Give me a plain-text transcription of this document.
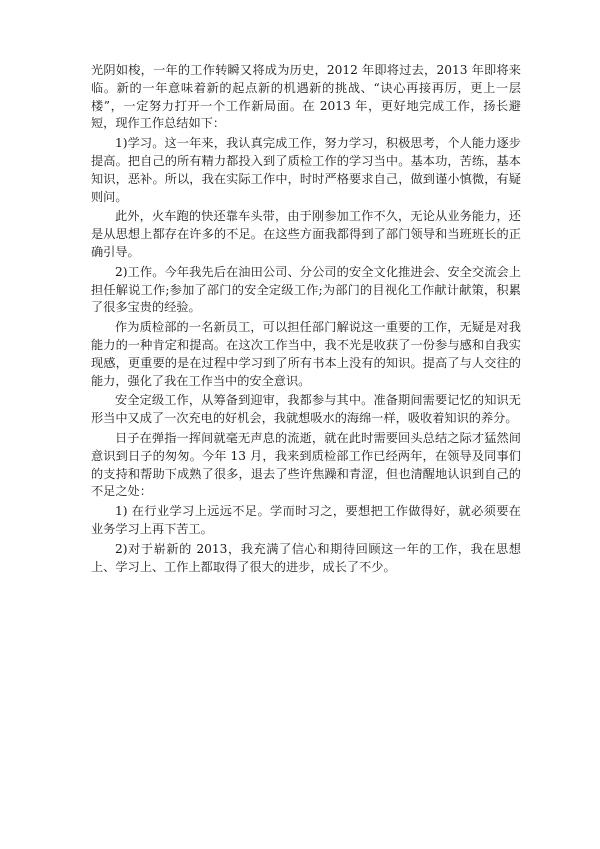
光阴如梭，一年的工作转瞬又将成为历史，2012 年即将过去，2013 年即将来临。新的一年意味着新的起点新的机遇新的挑战、“诀心再接再厉，更上一层楼”，一定努力打开一个工作新局面。在 2013 年，更好地完成工作，扬长避短，现作工作总结如下：

1)学习。这一年来，我认真完成工作，努力学习，积极思考，个人能力逐步提高。把自己的所有精力都投入到了质检工作的学习当中。基本功，苦练，基本知识，恶补。所以，我在实际工作中，时时严格要求自己，做到谨小慎微，有疑则问。

此外，火车跑的快还靠车头带，由于刚参加工作不久，无论从业务能力，还是从思想上都存在许多的不足。在这些方面我都得到了部门领导和当班班长的正确引导。

2)工作。今年我先后在油田公司、分公司的安全文化推进会、安全交流会上担任解说工作;参加了部门的安全定级工作;为部门的目视化工作献计献策，积累了很多宝贵的经验。

作为质检部的一名新员工，可以担任部门解说这一重要的工作，无疑是对我能力的一种肯定和提高。在这次工作当中，我不光是收获了一份参与感和自我实现感，更重要的是在过程中学习到了所有书本上没有的知识。提高了与人交往的能力，强化了我在工作当中的安全意识。

安全定级工作，从筹备到迎审，我都参与其中。准备期间需要记忆的知识无形当中又成了一次充电的好机会，我就想吸水的海绵一样，吸收着知识的养分。

日子在弹指一挥间就毫无声息的流逝，就在此时需要回头总结之际才猛然间意识到日子的匆匆。今年 13 月，我来到质检部工作已经两年，在领导及同事们的支持和帮助下成熟了很多，退去了些许焦躁和青涩，但也清醒地认识到自己的不足之处：

1) 在行业学习上远远不足。学而时习之，要想把工作做得好，就必须要在业务学习上再下苦工。

2)对于崭新的 2013，我充满了信心和期待回顾这一年的工作，我在思想上、学习上、工作上都取得了很大的进步，成长了不少。
